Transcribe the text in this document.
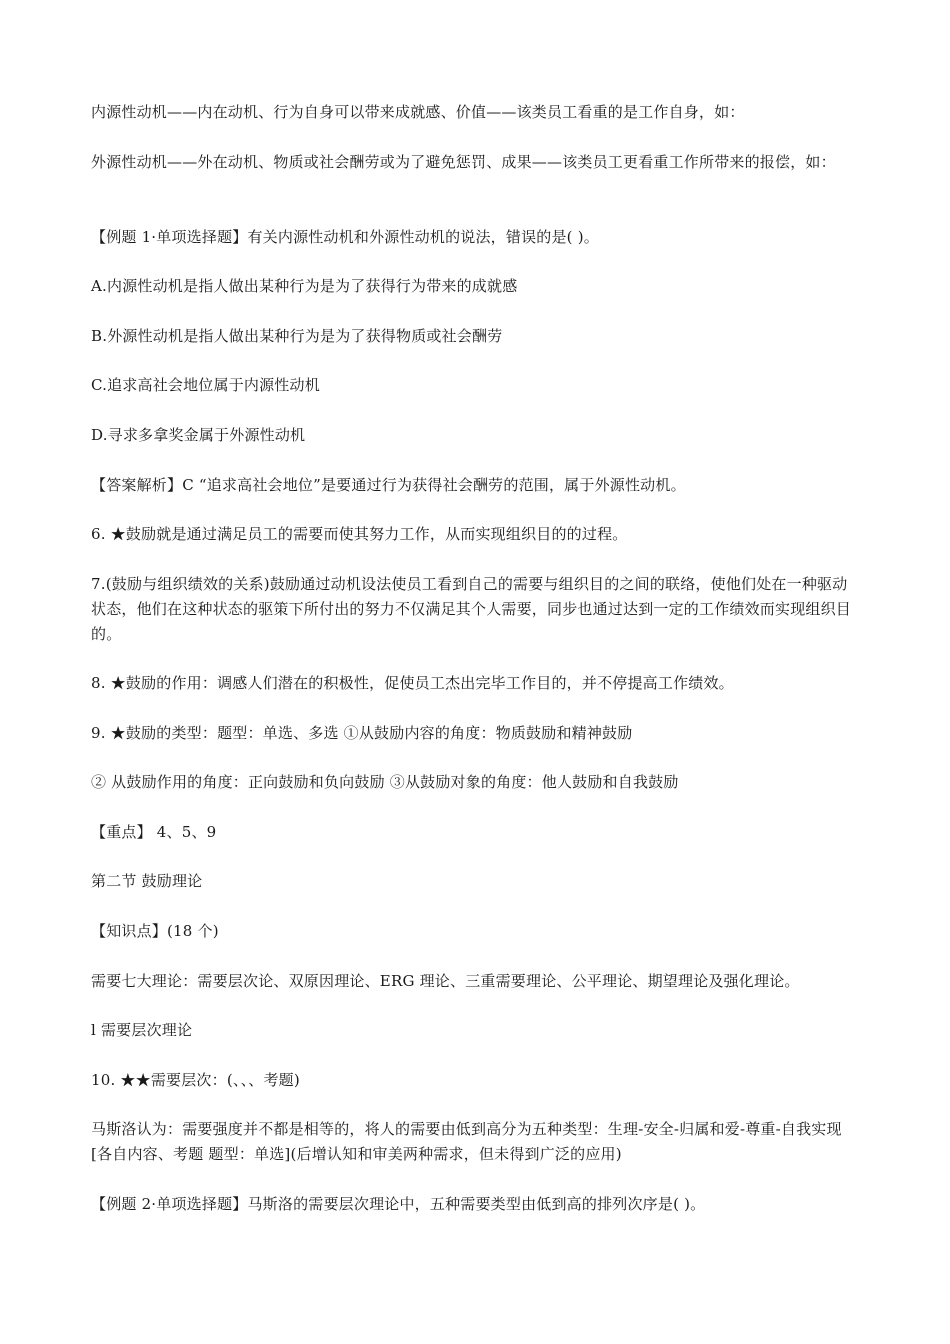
内源性动机——内在动机、行为自身可以带来成就感、价值——该类员工看重的是工作自身，如：

外源性动机——外在动机、物质或社会酬劳或为了避免惩罚、成果——该类员工更看重工作所带来的报偿，如：

【例题 1·单项选择题】有关内源性动机和外源性动机的说法，错误的是( )。

A.内源性动机是指人做出某种行为是为了获得行为带来的成就感

B.外源性动机是指人做出某种行为是为了获得物质或社会酬劳

C.追求高社会地位属于内源性动机

D.寻求多拿奖金属于外源性动机

【答案解析】C “追求高社会地位”是要通过行为获得社会酬劳的范围，属于外源性动机。

6. ★鼓励就是通过满足员工的需要而使其努力工作，从而实现组织目的的过程。

7.(鼓励与组织绩效的关系)鼓励通过动机设法使员工看到自己的需要与组织目的之间的联络，使他们处在一种驱动状态，他们在这种状态的驱策下所付出的努力不仅满足其个人需要，同步也通过达到一定的工作绩效而实现组织目的。

8. ★鼓励的作用：调感人们潜在的积极性，促使员工杰出完毕工作目的，并不停提高工作绩效。

9. ★鼓励的类型：题型：单选、多选 ①从鼓励内容的角度：物质鼓励和精神鼓励

② 从鼓励作用的角度：正向鼓励和负向鼓励 ③从鼓励对象的角度：他人鼓励和自我鼓励

【重点】 4、5、9

第二节 鼓励理论

【知识点】(18 个)

需要七大理论：需要层次论、双原因理论、ERG 理论、三重需要理论、公平理论、期望理论及强化理论。

l 需要层次理论

10. ★★需要层次：(、、、考题)

马斯洛认为：需要强度并不都是相等的，将人的需要由低到高分为五种类型：生理-安全-归属和爱-尊重-自我实现[各自内容、考题 题型：单选](后增认知和审美两种需求，但未得到广泛的应用)

【例题 2·单项选择题】马斯洛的需要层次理论中，五种需要类型由低到高的排列次序是( )。
